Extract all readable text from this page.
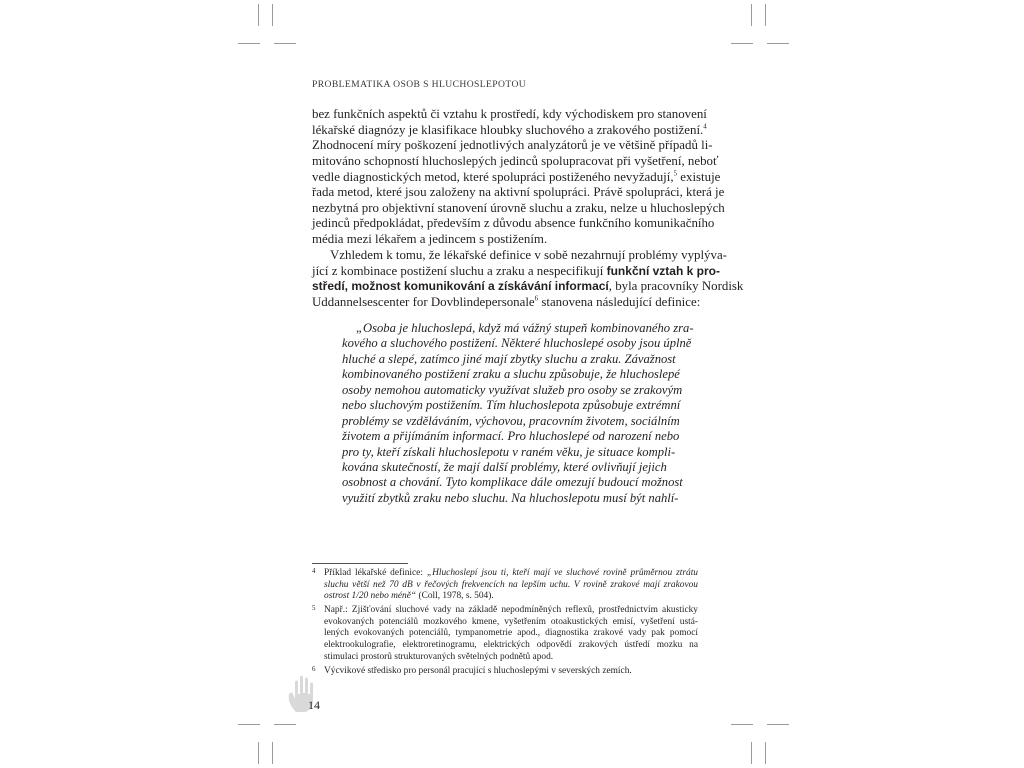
PROBLEMATIKA OSOB S HLUCHOSLEPOTOU
bez funkčních aspektů či vztahu k prostředí, kdy východiskem pro stanovení
lékařské diagnózy je klasifikace hloubky sluchového a zrakového postižení.$^4$
Zhodnocení míry poškození jednotlivých analyzátorů je ve většině případů li-
mitováno schopností hluchoslepých jedinců spolupracovat při vyšetření, neboť
vedle diagnostických metod, které spolupráci postiženého nevyžadují,$^5$ existuje
řada metod, které jsou založeny na aktivní spolupráci. Právě spolupráci, která je
nezbytná pro objektivní stanovení úrovně sluchu a zraku, nelze u hluchoslepých
jedinců předpokládat, především z důvodu absence funkčního komunikačního
média mezi lékařem a jedincem s postižením.
Vzhledem k tomu, že lékařské definice v sobě nezahrnují problémy vyplýva-
jící z kombinace postižení sluchu a zraku a nespecifikují funkční vztah k pro-
středí, možnost komunikování a získávání informací, byla pracovníky Nordisk
Uddannelsescenter for Dovblindepersonale$^6$ stanovena následující definice:
„Osoba je hluchoslepá, když má vážný stupeň kombinovaného zra-
kového a sluchového postižení. Některé hluchoslepé osoby jsou úplně
hluché a slepé, zatímco jiné mají zbytky sluchu a zraku. Závažnost
kombinovaného postižení zraku a sluchu způsobuje, že hluchoslepé
osoby nemohou automaticky využívat služeb pro osoby se zrakovým
nebo sluchovým postižením. Tím hluchoslepota způsobuje extrémní
problémy se vzděláváním, výchovou, pracovním životem, sociálním
životem a přijímáním informací. Pro hluchoslepé od narození nebo
pro ty, kteří získali hluchoslepotu v raném věku, je situace kompli-
kována skutečností, že mají další problémy, které ovlivňují jejich
osobnost a chování. Tyto komplikace dále omezují budoucí možnost
využití zbytků zraku nebo sluchu. Na hluchoslepotu musí být nahlí-
4 Příklad lékařské definice: „Hluchoslepí jsou ti, kteří mají ve sluchové rovině průměrnou ztrátu
sluchu větší než 70 dB v řečových frekvencích na lepším uchu. V rovině zrakové mají zrakovou
ostrost 1/20 nebo méně“ (Coll, 1978, s. 504).
5 Např.: Zjišťování sluchové vady na základě nepodmíněných reflexů, prostřednictvím akusticky
evokovaných potenciálů mozkového kmene, vyšetřením otoakustických emisí, vyšetření ustá-
lených evokovaných potenciálů, tympanometrie apod., diagnostika zrakové vady pak pomocí
elektrookulografie, elektroretinogramu, elektrických odpovědí zrakových ústředí mozku na
stimulaci prostorů strukturovaných světelných podnětů apod.
6 Výcvikové středisko pro personál pracující s hluchoslepými v severských zemích.
14
